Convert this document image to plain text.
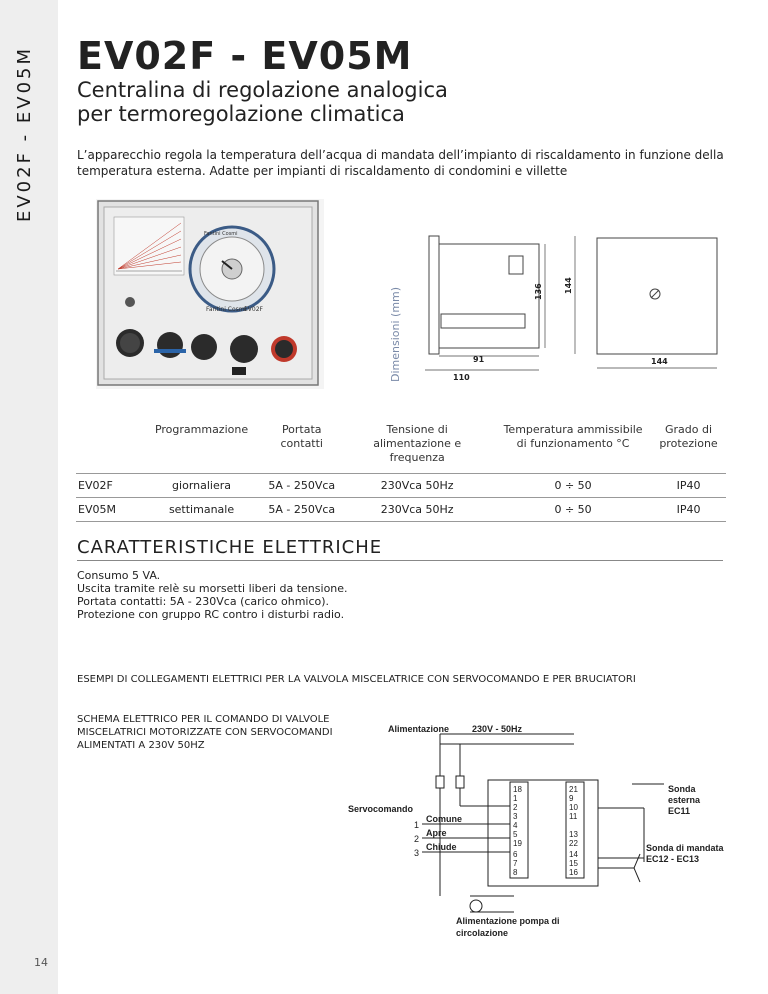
EV02F - EV05M
14
EV02F - EV05M
Centralina di regolazione analogica
per termoregolazione climatica
L’apparecchio regola la temperatura dell’acqua di mandata dell’impianto di riscaldamento in funzione della temperatura esterna. Adatte per impianti di riscaldamento di condomini e villette
Fantini Cosmi
Fantini Cosmi
EV02F	Dimensioni (mm)	91
110
136	144
144
	Programmazione	Portata contatti	Tensione di alimentazione e frequenza	Temperatura ammissibile di funzionamento °C	Grado di protezione

EV02F	giornaliera	5A - 250Vca	230Vca 50Hz	0 ÷ 50	IP40
EV05M	settimanale	5A - 250Vca	230Vca 50Hz	0 ÷ 50	IP40
CARATTERISTICHE ELETTRICHE
Consumo 5 VA.
Uscita tramite relè su morsetti liberi da tensione.
Portata contatti: 5A - 230Vca (carico ohmico).
Protezione con gruppo RC contro i disturbi radio.
ESEMPI DI COLLEGAMENTI ELETTRICI PER LA VALVOLA MISCELATRICE CON SERVOCOMANDO E PER BRUCIATORI
SCHEMA ELETTRICO PER IL COMANDO DI VALVOLE
MISCELATRICI MOTORIZZATE CON SERVOCOMANDI
ALIMENTATI A 230V 50HZ
Alimentazione	230V - 50Hz
Servocomando
1
2
3
Comune
Apre
Chiude
18
1
2
3
4
5
19
6
7
8
21
9
10
11
13
22
14
15
16
Sonda
esterna
EC11
Sonda di mandata
EC12 - EC13
Alimentazione pompa di
circolazione
